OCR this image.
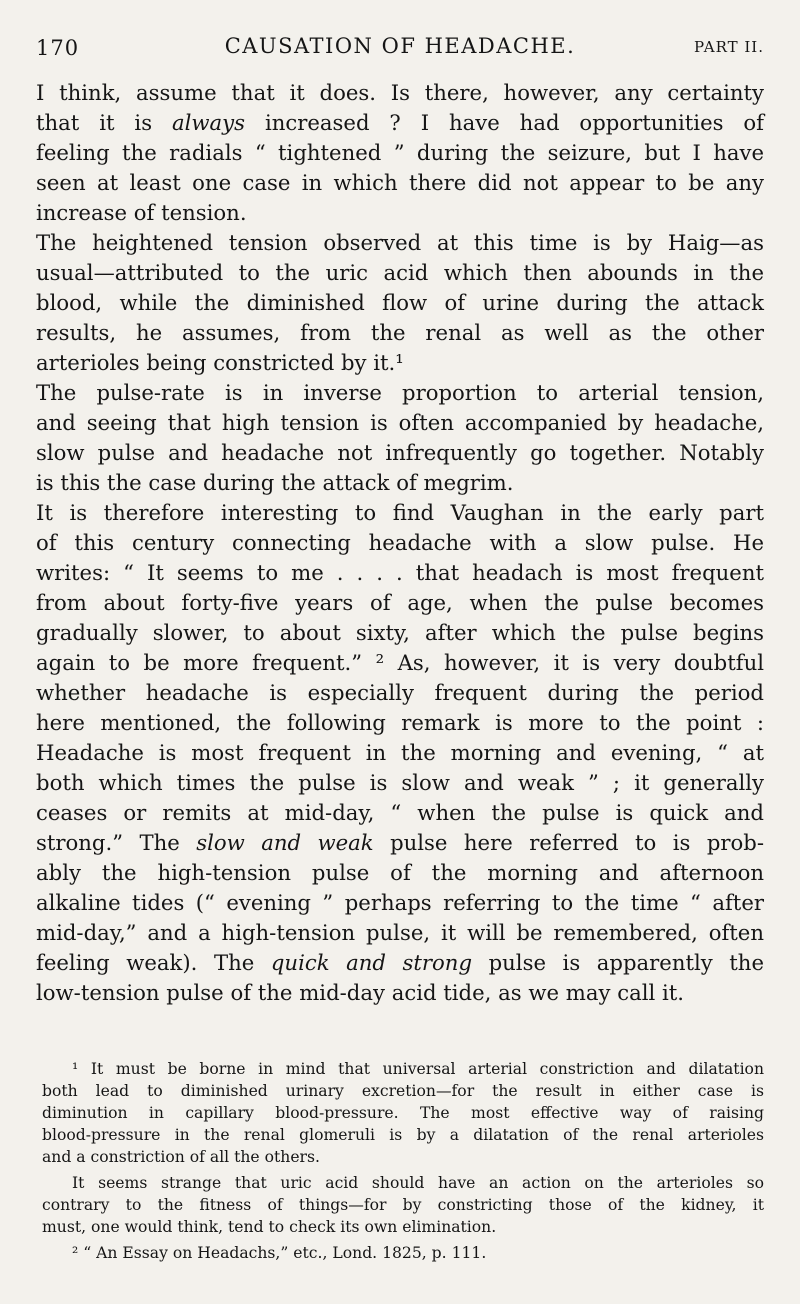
170	CAUSATION OF HEADACHE.	PART II.

I think, assume that it does. Is there, however, any certainty
that it is always increased ? I have had opportunities of
feeling the radials “ tightened ” during the seizure, but I have
seen at least one case in which there did not appear to be any
increase of tension.

The heightened tension observed at this time is by Haig—as
usual—attributed to the uric acid which then abounds in the
blood, while the diminished flow of urine during the attack
results, he assumes, from the renal as well as the other
arterioles being constricted by it.¹

The pulse-rate is in inverse proportion to arterial tension,
and seeing that high tension is often accompanied by headache,
slow pulse and headache not infrequently go together. Notably
is this the case during the attack of megrim.

It is therefore interesting to find Vaughan in the early part
of this century connecting headache with a slow pulse. He
writes: “ It seems to me . . . . that headach is most frequent
from about forty-five years of age, when the pulse becomes
gradually slower, to about sixty, after which the pulse begins
again to be more frequent.” ² As, however, it is very doubtful
whether headache is especially frequent during the period
here mentioned, the following remark is more to the point :
Headache is most frequent in the morning and evening, “ at
both which times the pulse is slow and weak ” ; it generally
ceases or remits at mid-day, “ when the pulse is quick and
strong.” The slow and weak pulse here referred to is prob-
ably the high-tension pulse of the morning and afternoon
alkaline tides (“ evening ” perhaps referring to the time “ after
mid-day,” and a high-tension pulse, it will be remembered, often
feeling weak). The quick and strong pulse is apparently the
low-tension pulse of the mid-day acid tide, as we may call it.

¹ It must be borne in mind that universal arterial constriction and dilatation
both lead to diminished urinary excretion—for the result in either case is
diminution in capillary blood-pressure. The most effective way of raising
blood-pressure in the renal glomeruli is by a dilatation of the renal arterioles
and a constriction of all the others.

It seems strange that uric acid should have an action on the arterioles so
contrary to the fitness of things—for by constricting those of the kidney, it
must, one would think, tend to check its own elimination.

² “ An Essay on Headachs,” etc., Lond. 1825, p. 111.
